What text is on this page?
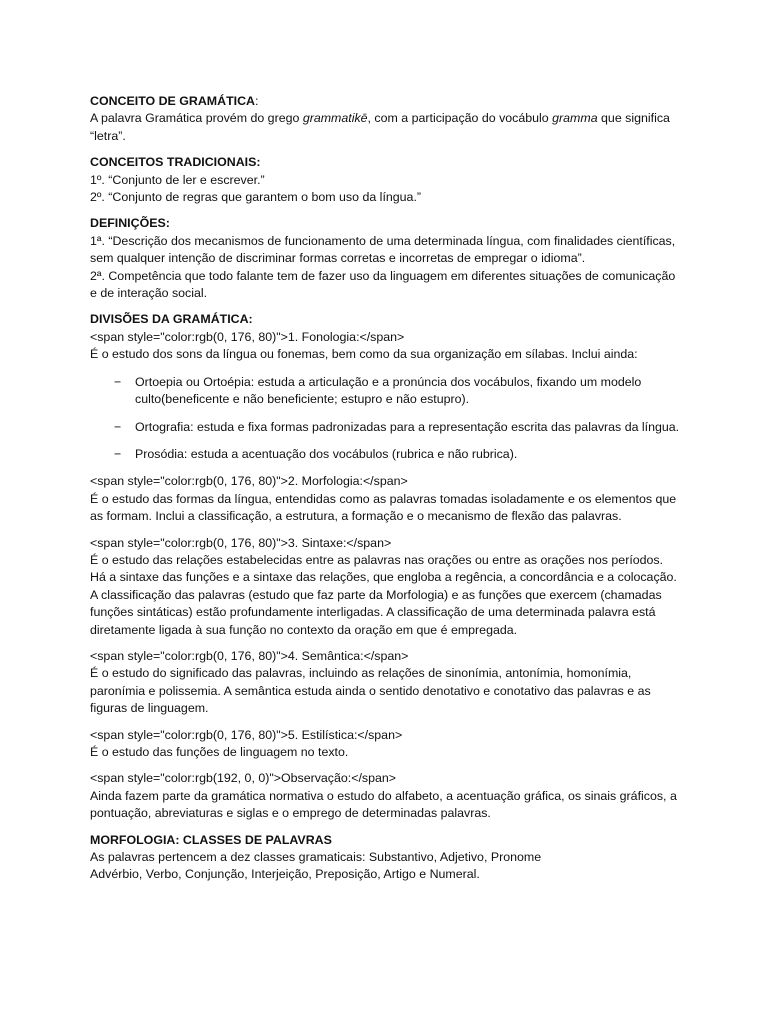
CONCEITO DE GRAMÁTICA:

A palavra Gramática provém do grego grammatikē, com a participação do vocábulo gramma que significa “letra”.

CONCEITOS TRADICIONAIS:

1º. “Conjunto de ler e escrever.”

2º. “Conjunto de regras que garantem o bom uso da língua.”

DEFINIÇÕES:

1ª. “Descrição dos mecanismos de funcionamento de uma determinada língua, com finalidades científicas, sem qualquer intenção de discriminar formas corretas e incorretas de empregar o idioma”.

2ª. Competência que todo falante tem de fazer uso da linguagem em diferentes situações de comunicação e de interação social.

DIVISÕES DA GRAMÁTICA:

<span style="color:rgb(0, 176, 80)">1. Fonologia:</span>

É o estudo dos sons da língua ou fonemas, bem como da sua organização em sílabas. Inclui ainda:

− Ortoepia ou Ortoépia: estuda a articulação e a pronúncia dos vocábulos, fixando um modelo culto(beneficente e não beneficiente; estupro e não estupro).
− Ortografia: estuda e fixa formas padronizadas para a representação escrita das palavras da língua.
− Prosódia: estuda a acentuação dos vocábulos (rubrica e não rubrica).

<span style="color:rgb(0, 176, 80)">2. Morfologia:</span>

É o estudo das formas da língua, entendidas como as palavras tomadas isoladamente e os elementos que as formam. Inclui a classificação, a estrutura, a formação e o mecanismo de flexão das palavras.

<span style="color:rgb(0, 176, 80)">3. Sintaxe:</span>

É o estudo das relações estabelecidas entre as palavras nas orações ou entre as orações nos períodos. Há a sintaxe das funções e a sintaxe das relações, que engloba a regência, a concordância e a colocação. A classificação das palavras (estudo que faz parte da Morfologia) e as funções que exercem (chamadas funções sintáticas) estão profundamente interligadas. A classificação de uma determinada palavra está diretamente ligada à sua função no contexto da oração em que é empregada.

<span style="color:rgb(0, 176, 80)">4. Semântica:</span>

É o estudo do significado das palavras, incluindo as relações de sinonímia, antonímia, homonímia, paronímia e polissemia. A semântica estuda ainda o sentido denotativo e conotativo das palavras e as figuras de linguagem.

<span style="color:rgb(0, 176, 80)">5. Estilística:</span>

É o estudo das funções de linguagem no texto.

<span style="color:rgb(192, 0, 0)">Observação:</span>

Ainda fazem parte da gramática normativa o estudo do alfabeto, a acentuação gráfica, os sinais gráficos, a pontuação, abreviaturas e siglas e o emprego de determinadas palavras.

MORFOLOGIA: CLASSES DE PALAVRAS

As palavras pertencem a dez classes gramaticais: Substantivo, Adjetivo, Pronome

Advérbio, Verbo, Conjunção, Interjeição, Preposição, Artigo e Numeral.
